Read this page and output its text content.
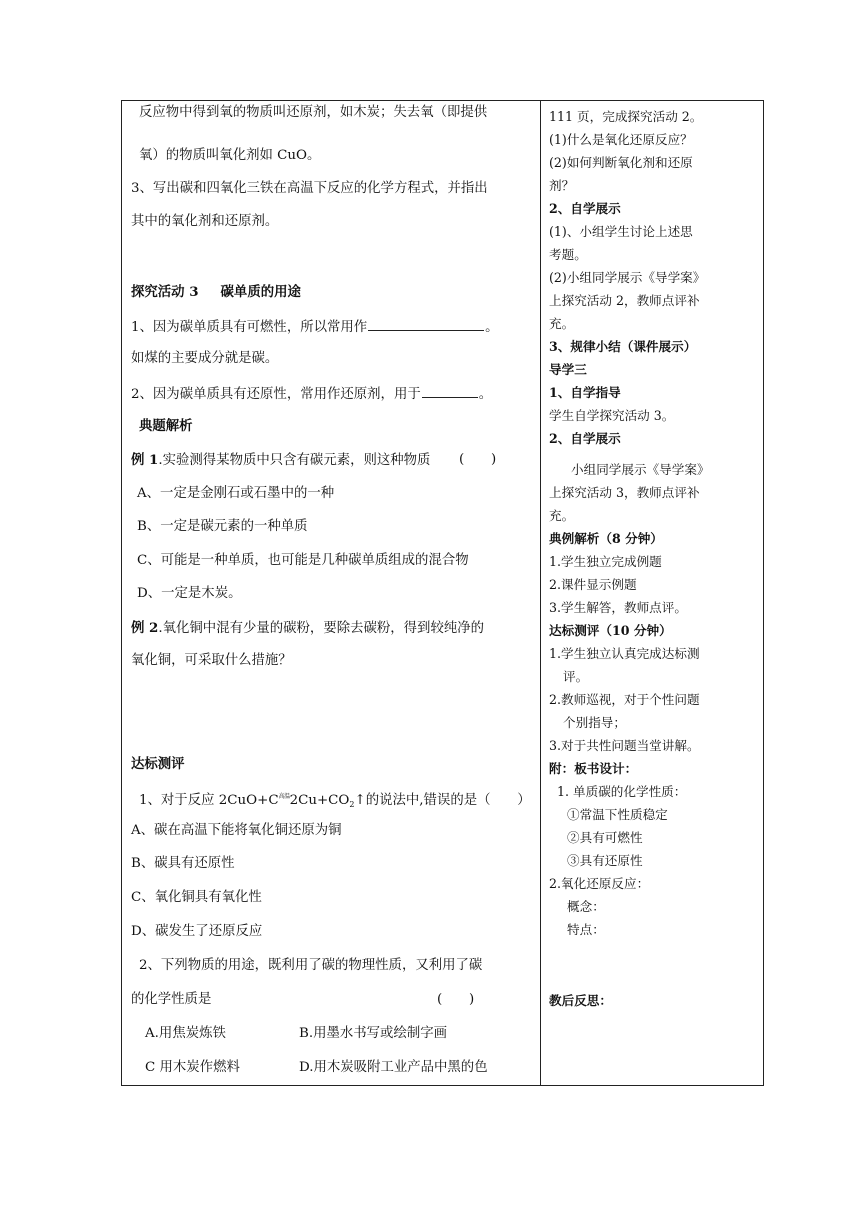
反应物中得到氧的物质叫还原剂，如木炭；失去氧（即提供
氧）的物质叫氧化剂如 CuO。
3、写出碳和四氧化三铁在高温下反应的化学方程式，并指出
其中的氧化剂和还原剂。
探究活动 3 碳单质的用途
1、因为碳单质具有可燃性，所以常用作	。
如煤的主要成分就是碳。
2、因为碳单质具有还原性，常用作还原剂，用于	。
典题解析
例 1.实验测得某物质中只含有碳元素，则这种物质 (　　)
A、一定是金刚石或石墨中的一种
B、一定是碳元素的一种单质
C、可能是一种单质，也可能是几种碳单质组成的混合物
D、一定是木炭。
例 2.氧化铜中混有少量的碳粉，要除去碳粉，得到较纯净的
氧化铜，可采取什么措施？
达标测评
1、对于反应 $2CuO+C^{高温}2Cu+CO_2↑$的说法中,错误的是（　　）
A、碳在高温下能将氧化铜还原为铜
B、碳具有还原性
C、氧化铜具有氧化性
D、碳发生了还原反应
2、下列物质的用途，既利用了碳的物理性质，又利用了碳
的化学性质是	(　　)
A.用焦炭炼铁	B.用墨水书写或绘制字画
C 用木炭作燃料	D.用木炭吸附工业产品中黑的色
111 页，完成探究活动 2。
(1)什么是氧化还原反应？
(2)如何判断氧化剂和还原
剂？
2、自学展示
(1)、小组学生讨论上述思
考题。
(2)小组同学展示《导学案》
上探究活动 2，教师点评补
充。
3、规律小结（课件展示）
导学三
1、自学指导
学生自学探究活动 3。
2、自学展示
小组同学展示《导学案》
上探究活动 3，教师点评补
充。
典例解析（8 分钟）
1.学生独立完成例题
2.课件显示例题
3.学生解答，教师点评。
达标测评（10 分钟）
1.学生独立认真完成达标测
评。
2.教师巡视，对于个性问题
个别指导；
3.对于共性问题当堂讲解。
附：板书设计：
1. 单质碳的化学性质：
①常温下性质稳定
②具有可燃性
③具有还原性
2.氧化还原反应：
概念：
特点：
教后反思：
